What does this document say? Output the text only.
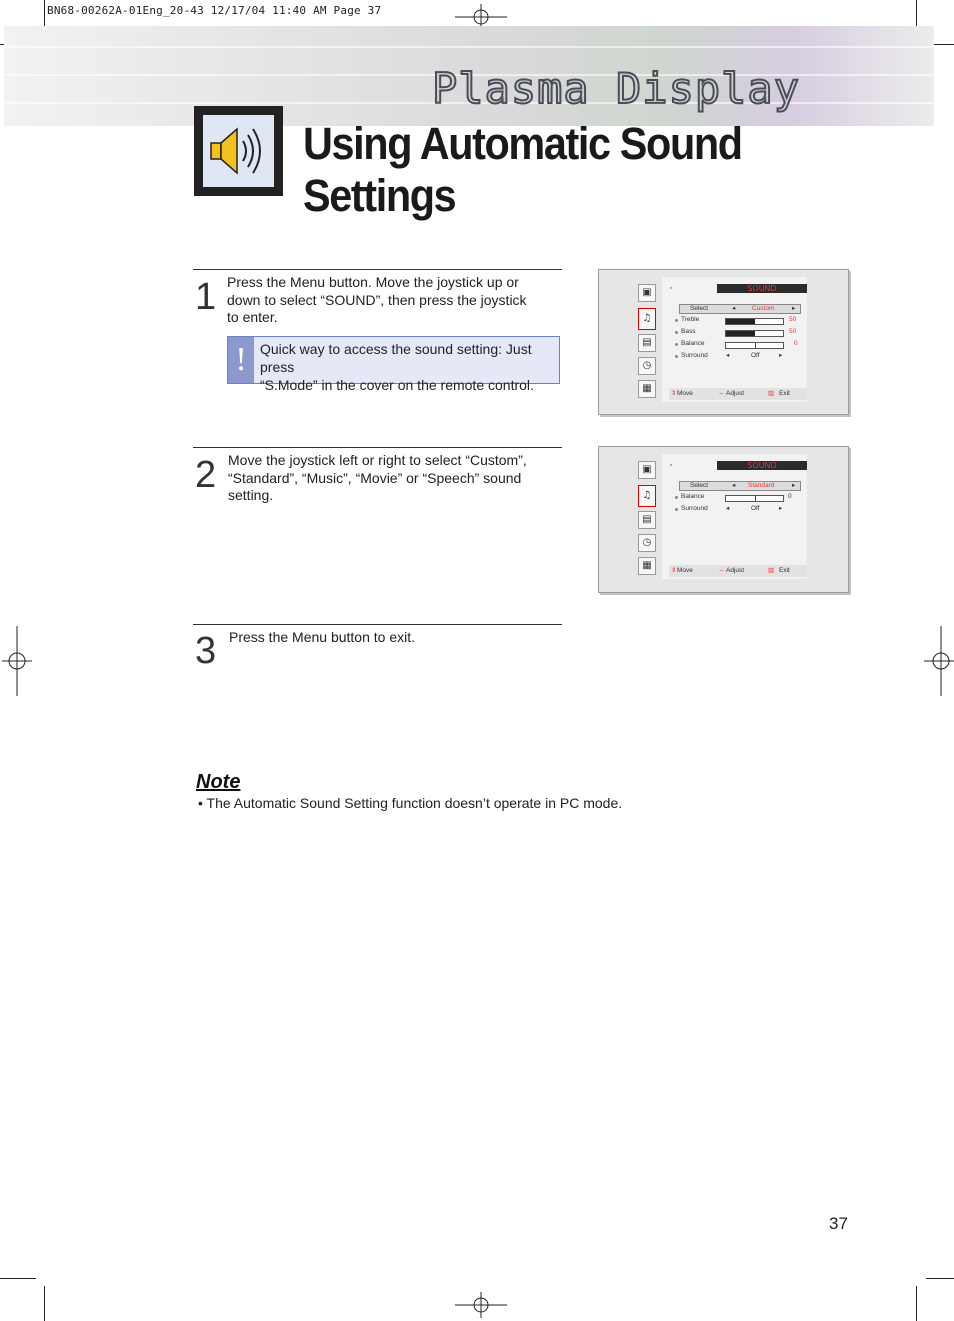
BN68-00262A-01Eng_20-43 12/17/04 11:40 AM Page 37
Plasma Display
Using Automatic Sound Settings
1 Press the Menu button. Move the joystick up or
down to select “SOUND”, then press the joystick
to enter.
! Quick way to access the sound setting: Just press
“S.Mode” in the cover on the remote control.
2 Move the joystick left or right to select “Custom”,
“Standard”, “Music”, “Movie” or “Speech” sound
setting.
3 Press the Menu button to exit.
▣
♫
▤
◷
▦
▫	SOUND
Select	◂	Custom	▸
Treble	50
Bass	50
Balance	0
Surround	◂	Off	▸
⇕ Move	⇔ Adjust	▥ Exit
▣
♫
▤
◷
▦
▫	SOUND
Select	◂ Standard	▸
Balance	0
Surround	◂	Off	▸
⇕ Move	⇔ Adjust	▥ Exit
Note
• The Automatic Sound Setting function doesn’t operate in PC mode.
37
